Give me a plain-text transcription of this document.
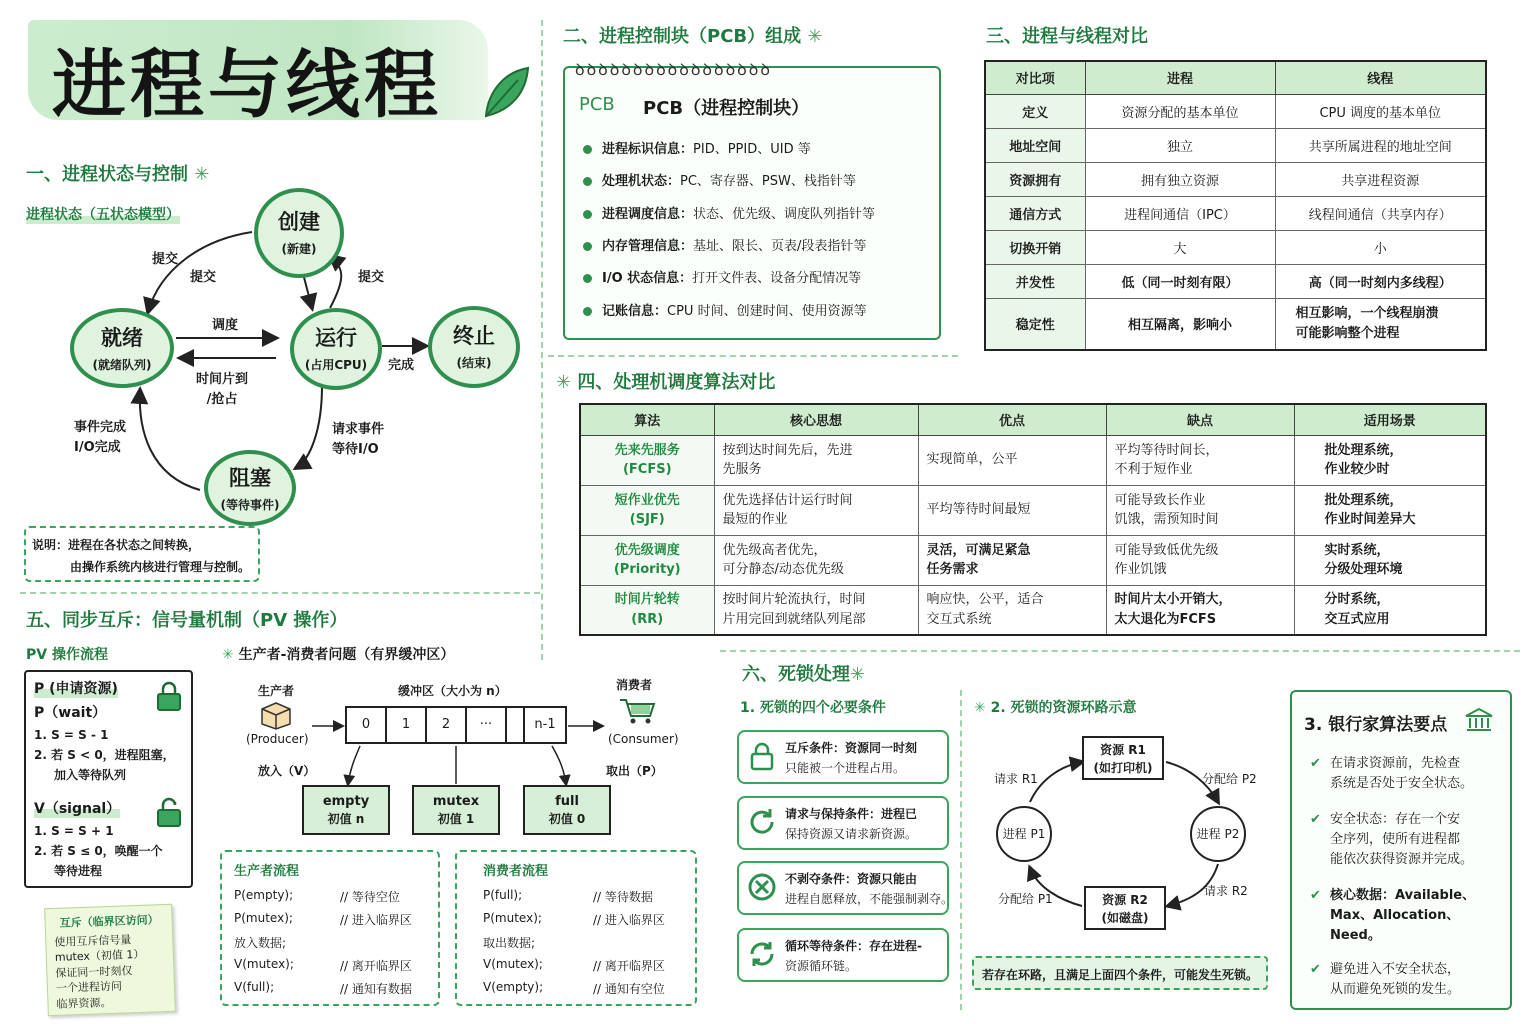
进程与线程
一、进程状态与控制 ✳
进程状态（五状态模型）	创建
(新建)
就绪
(就绪队列)
运行
(占用CPU)
终止
(结束)
阻塞
(等待事件)
提交
提交	提交
调度
时间片到
/抢占
完成
请求事件
等待I/O
事件完成
I/O完成
说明：进程在各状态之间转换，
由操作系统内核进行管理与控制。
二、进程控制块（PCB）组成 ✳
ꝺꝺꝺꝺꝺꝺꝺꝺꝺꝺꝺꝺꝺꝺꝺꝺꝺ
PCB PCB（进程控制块）
进程标识信息：PID、PPID、UID 等
处理机状态：PC、寄存器、PSW、栈指针等
进程调度信息：状态、优先级、调度队列指针等
内存管理信息：基址、限长、页表/段表指针等
I/O 状态信息：打开文件表、设备分配情况等
记账信息：CPU 时间、创建时间、使用资源等
三、进程与线程对比
对比项	进程	线程
定义	资源分配的基本单位	CPU 调度的基本单位
地址空间	独立	共享所属进程的地址空间
资源拥有	拥有独立资源	共享进程资源
通信方式	进程间通信（IPC）	线程间通信（共享内存）
切换开销	大	小
并发性	低（同一时刻有限）	高（同一时刻内多线程）
稳定性	相互隔离，影响小	相互影响，一个线程崩溃
可能影响整个进程
✳ 四、处理机调度算法对比
算法	核心思想	优点	缺点	适用场景
先来先服务
(FCFS)	按到达时间先后，先进
先服务	实现简单，公平	平均等待时间长，
不利于短作业	批处理系统，
作业较少时
短作业优先
(SJF)	优先选择估计运行时间
最短的作业	平均等待时间最短	可能导致长作业
饥饿，需预知时间	批处理系统，
作业时间差异大
优先级调度
(Priority)	优先级高者优先，
可分静态/动态优先级	灵活，可满足紧急
任务需求	可能导致低优先级
作业饥饿	实时系统，
分级处理环境
时间片轮转
(RR)	按时间片轮流执行，时间
片用完回到就绪队列尾部	响应快，公平，适合
交互式系统	时间片太小开销大，
太大退化为FCFS	分时系统，
交互式应用
五、同步互斥：信号量机制（PV 操作）
PV 操作流程
P (申请资源)
P（wait）
1. S = S - 1
2. 若 S < 0，进程阻塞，
加入等待队列
V（signal）
1. S = S + 1
2. 若 S ≤ 0，唤醒一个
等待进程
互斥（临界区访问）
使用互斥信号量
mutex（初值 1）
保证同一时刻仅
一个进程访问
临界资源。
✳ 生产者-消费者问题（有界缓冲区）
生产者
(Producer)
放入（V）
缓冲区（大小为 n）
0	1	2	···	n-1
消费者
(Consumer)
取出（P）
empty
初值 n
mutex
初值 1
full
初值 0
生产者流程
P(empty);	// 等待空位
P(mutex);	// 进入临界区
放入数据;
V(mutex);	// 离开临界区
V(full);	// 通知有数据
消费者流程
P(full);	// 等待数据
P(mutex);	// 进入临界区
取出数据;
V(mutex);	// 离开临界区
V(empty);	// 通知有空位
六、死锁处理✳
1. 死锁的四个必要条件
互斥条件：资源同一时刻
只能被一个进程占用。
请求与保持条件：进程已
保持资源又请求新资源。
不剥夺条件：资源只能由
进程自愿释放，不能强制剥夺。
循环等待条件：存在进程-
资源循环链。
✳ 2. 死锁的资源环路示意
资源 R1
(如打印机)
资源 R2
(如磁盘)
进程 P1	进程 P2
请求 R1	分配给 P2
请求 R2
分配给 P1
若存在环路，且满足上面四个条件，可能发生死锁。
3. 银行家算法要点
✔ 在请求资源前，先检查
系统是否处于安全状态。
✔ 安全状态：存在一个安
全序列，使所有进程都
能依次获得资源并完成。
✔ 核心数据：Available、
Max、Allocation、
Need。
✔ 避免进入不安全状态，
从而避免死锁的发生。
